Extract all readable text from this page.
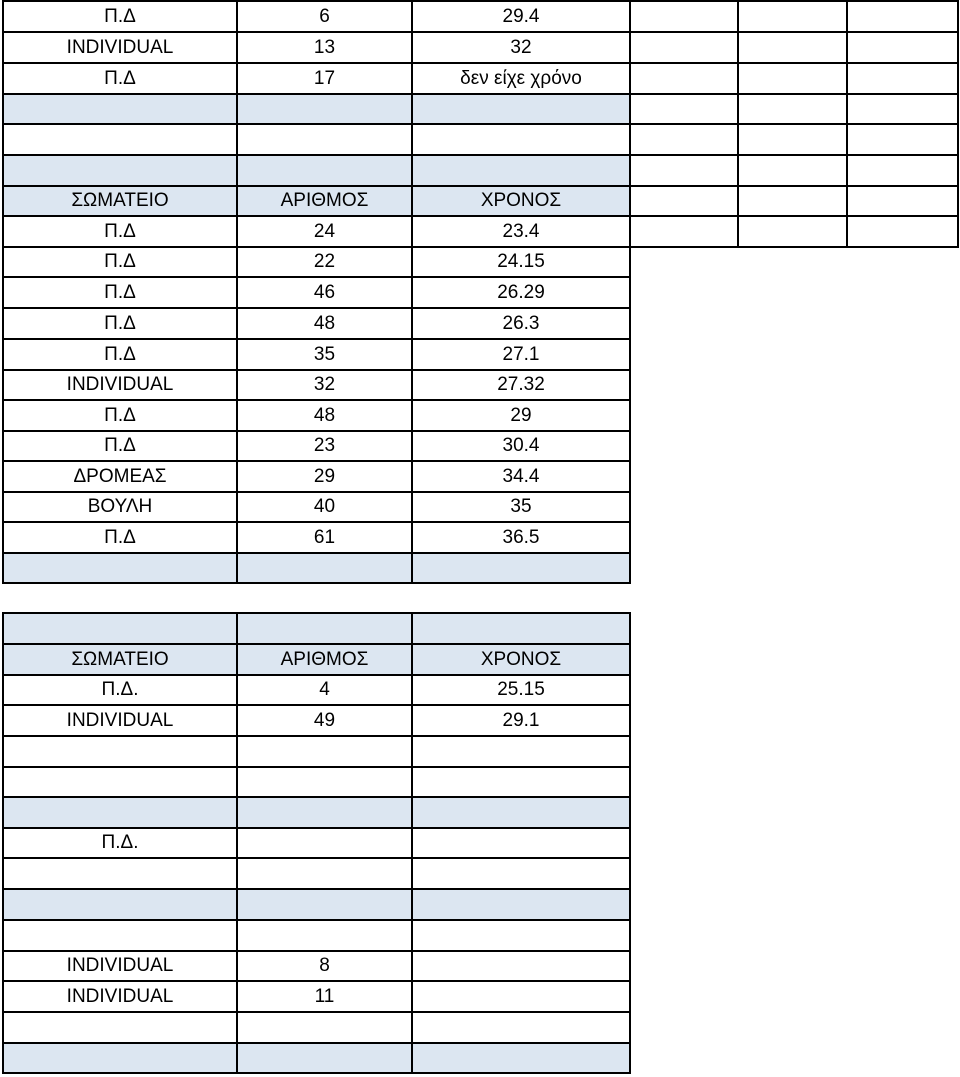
Π.Δ	6	29.4
INDIVIDUAL	13	32
Π.Δ	17	δεν είχε χρόνο
ΣΩΜΑΤΕΙΟ	ΑΡΙΘΜΟΣ	ΧΡΟΝΟΣ
Π.Δ	24	23.4
Π.Δ	22	24.15
Π.Δ	46	26.29
Π.Δ	48	26.3
Π.Δ	35	27.1
INDIVIDUAL	32	27.32
Π.Δ	48	29
Π.Δ	23	30.4
ΔΡΟΜΕΑΣ	29	34.4
ΒΟΥΛΗ	40	35
Π.Δ	61	36.5
ΣΩΜΑΤΕΙΟ	ΑΡΙΘΜΟΣ	ΧΡΟΝΟΣ
Π.Δ.	4	25.15
INDIVIDUAL	49	29.1
Π.Δ.
INDIVIDUAL	8
INDIVIDUAL	11
